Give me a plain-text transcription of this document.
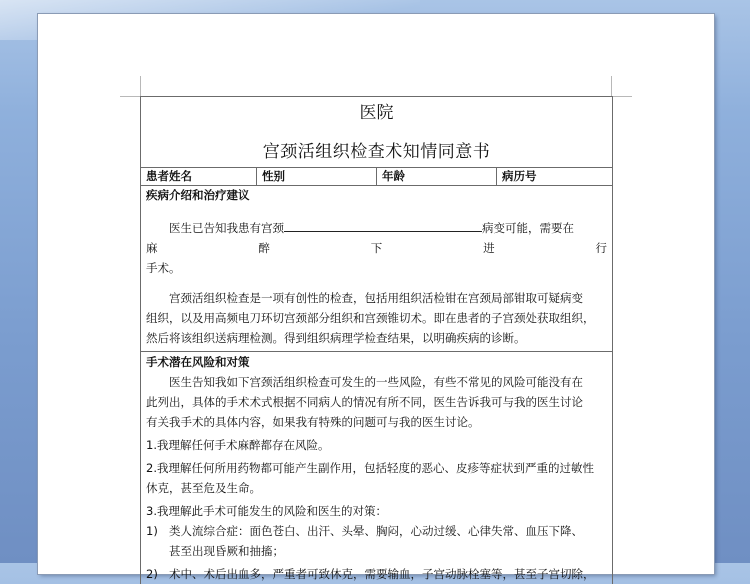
医院
宫颈活组织检查术知情同意书
患者姓名	性别	年龄	病历号
疾病介绍和治疗建议

医生已告知我患有宫颈	病变可能，需要在

麻	醉	下	进	行

手术。

宫颈活组织检查是一项有创性的检查，包括用组织活检钳在宫颈局部钳取可疑病变

组织，以及用高频电刀环切宫颈部分组织和宫颈锥切术。即在患者的子宫颈处获取组织，

然后将该组织送病理检测。得到组织病理学检查结果，以明确疾病的诊断。

手术潜在风险和对策

医生告知我如下宫颈活组织检查可发生的一些风险，有些不常见的风险可能没有在

此列出，具体的手术术式根据不同病人的情况有所不同，医生告诉我可与我的医生讨论

有关我手术的具体内容，如果我有特殊的问题可与我的医生讨论。

1.我理解任何手术麻醉都存在风险。

2.我理解任何所用药物都可能产生副作用，包括轻度的恶心、皮疹等症状到严重的过敏性

休克，甚至危及生命。

3.我理解此手术可能发生的风险和医生的对策：

1) 类人流综合症：面色苍白、出汗、头晕、胸闷，心动过缓、心律失常、血压下降、
甚至出现昏厥和抽搐；
2) 术中、术后出血多，严重者可致休克，需要输血，子宫动脉栓塞等，甚至子宫切除，
